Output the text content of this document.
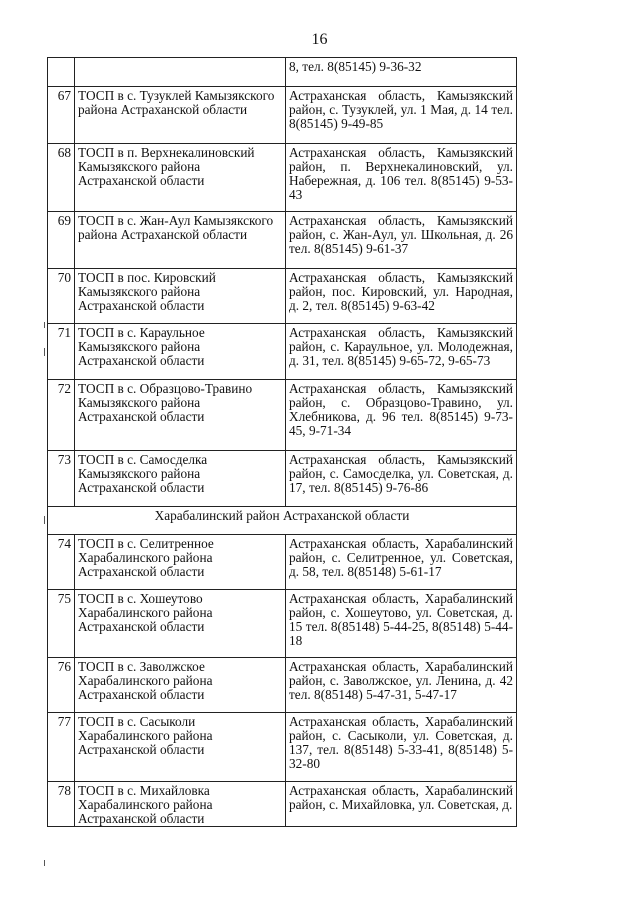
16
		8, тел. 8(85145) 9-36-32
67	ТОСП в с. Тузуклей Камызякского района Астраханской области	Астраханская область, Камызякский район, с. Тузуклей, ул. 1 Мая, д. 14 тел. 8(85145) 9-49-85
68	ТОСП в п. Верхнекалиновский Камызякского района Астраханской области	Астраханская область, Камызякский район, п. Верхнекалиновский, ул. Набережная, д. 106 тел. 8(85145) 9-53-43
69	ТОСП в с. Жан-Аул Камызякского района Астраханской области	Астраханская область, Камызякский район, с. Жан-Аул, ул. Школьная, д. 26 тел. 8(85145) 9-61-37
70	ТОСП в пос. Кировский Камызякского района Астраханской области	Астраханская область, Камызякский район, пос. Кировский, ул. Народная, д. 2, тел. 8(85145) 9-63-42
71	ТОСП в с. Караульное Камызякского района Астраханской области	Астраханская область, Камызякский район, с. Караульное, ул. Молодежная, д. 31, тел. 8(85145) 9-65-72, 9-65-73
72	ТОСП в с. Образцово-Травино Камызякского района Астраханской области	Астраханская область, Камызякский район, с. Образцово-Травино, ул. Хлебникова, д. 96 тел. 8(85145) 9-73-45, 9-71-34
73	ТОСП в с. Самосделка Камызякского района Астраханской области	Астраханская область, Камызякский район, с. Самосделка, ул. Советская, д. 17, тел. 8(85145) 9-76-86
Харабалинский район Астраханской области		
74	ТОСП в с. Селитренное Харабалинского района Астраханской области	Астраханская область, Харабалинский район, с. Селитренное, ул. Советская, д. 58, тел. 8(85148) 5-61-17
75	ТОСП в с. Хошеутово Харабалинского района Астраханской области	Астраханская область, Харабалинский район, с. Хошеутово, ул. Советская, д. 15 тел. 8(85148) 5-44-25, 8(85148) 5-44-18
76	ТОСП в с. Заволжское Харабалинского района Астраханской области	Астраханская область, Харабалинский район, с. Заволжское, ул. Ленина, д. 42 тел. 8(85148) 5-47-31, 5-47-17
77	ТОСП в с. Сасыколи Харабалинского района Астраханской области	Астраханская область, Харабалинский район, с. Сасыколи, ул. Советская, д. 137, тел. 8(85148) 5-33-41, 8(85148) 5-32-80
78	ТОСП в с. Михайловка Харабалинского района Астраханской области	Астраханская область, Харабалинский район, с. Михайловка, ул. Советская, д.
